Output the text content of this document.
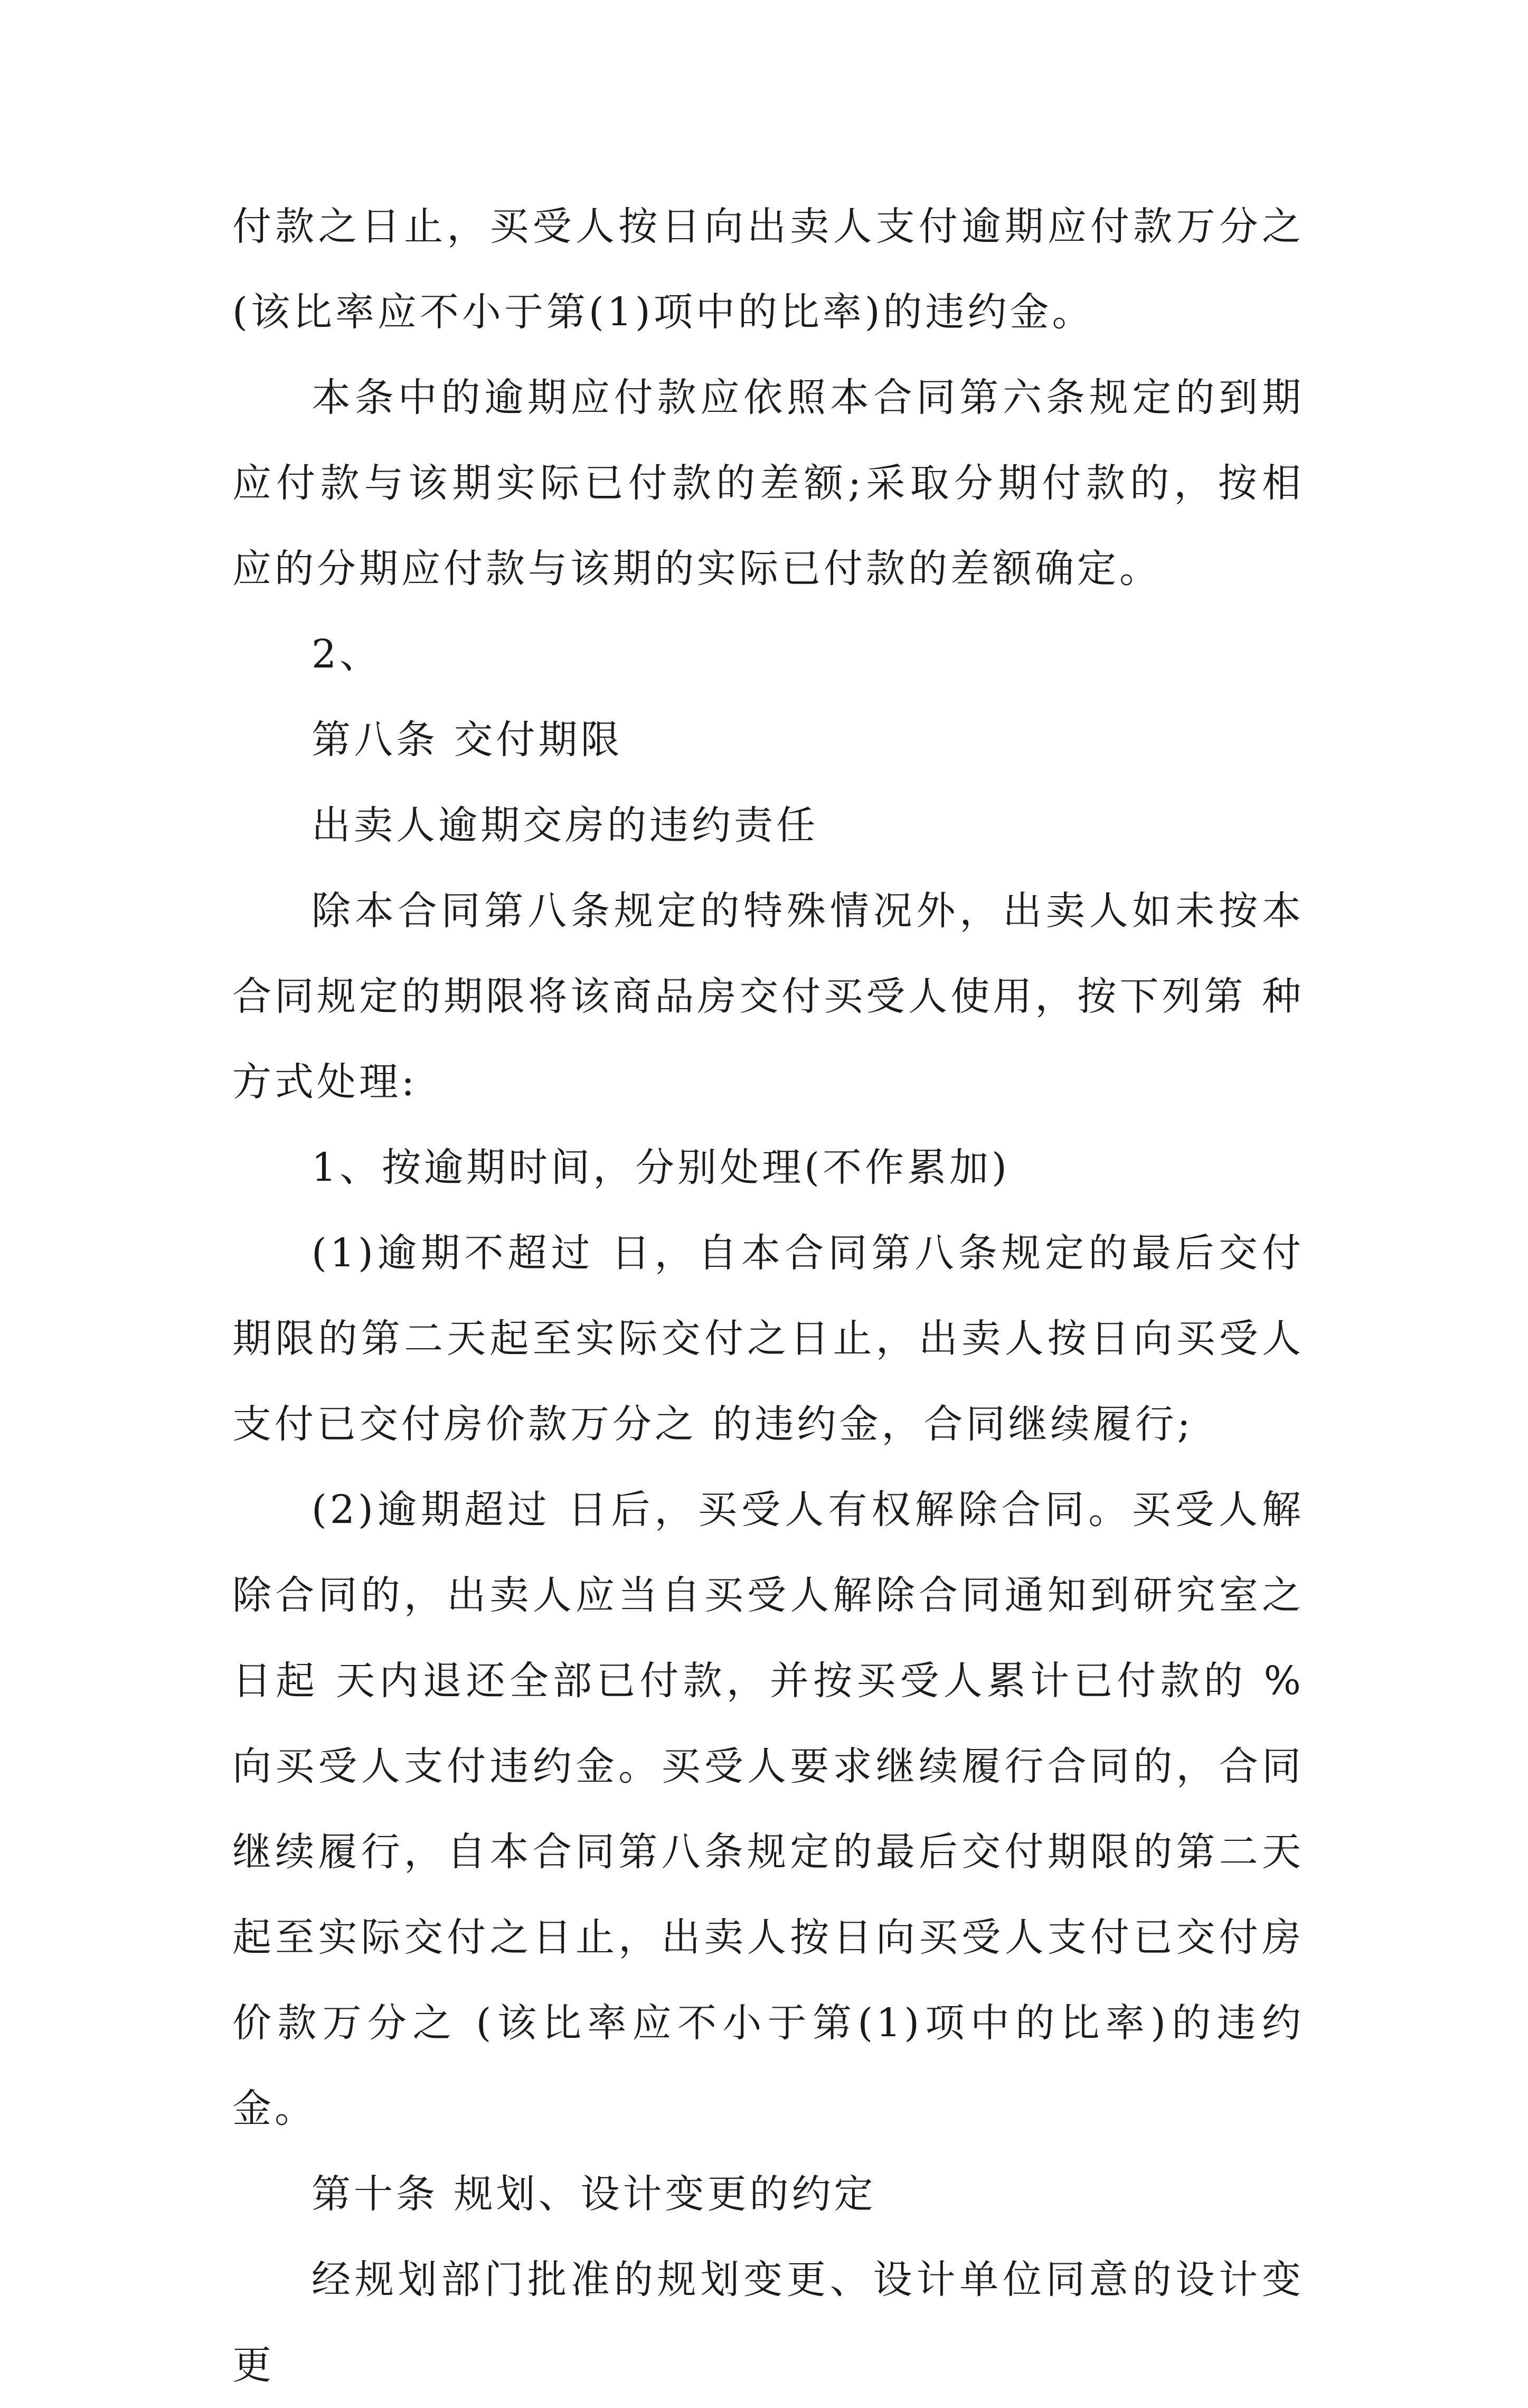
付款之日止，买受人按日向出卖人支付逾期应付款万分之 (该比率应不小于第(1)项中的比率)的违约金。

本条中的逾期应付款应依照本合同第六条规定的到期应付款与该期实际已付款的差额;采取分期付款的，按相应的分期应付款与该期的实际已付款的差额确定。

2、

第八条 交付期限

出卖人逾期交房的违约责任

除本合同第八条规定的特殊情况外，出卖人如未按本合同规定的期限将该商品房交付买受人使用，按下列第 种方式处理:

1、按逾期时间，分别处理(不作累加)

(1)逾期不超过 日，自本合同第八条规定的最后交付期限的第二天起至实际交付之日止，出卖人按日向买受人支付已交付房价款万分之 的违约金，合同继续履行;

(2)逾期超过 日后，买受人有权解除合同。买受人解除合同的，出卖人应当自买受人解除合同通知到研究室之日起 天内退还全部已付款，并按买受人累计已付款的 %向买受人支付违约金。买受人要求继续履行合同的，合同继续履行，自本合同第八条规定的最后交付期限的第二天起至实际交付之日止，出卖人按日向买受人支付已交付房价款万分之 (该比率应不小于第(1)项中的比率)的违约金。

第十条 规划、设计变更的约定

经规划部门批准的规划变更、设计单位同意的设计变更
